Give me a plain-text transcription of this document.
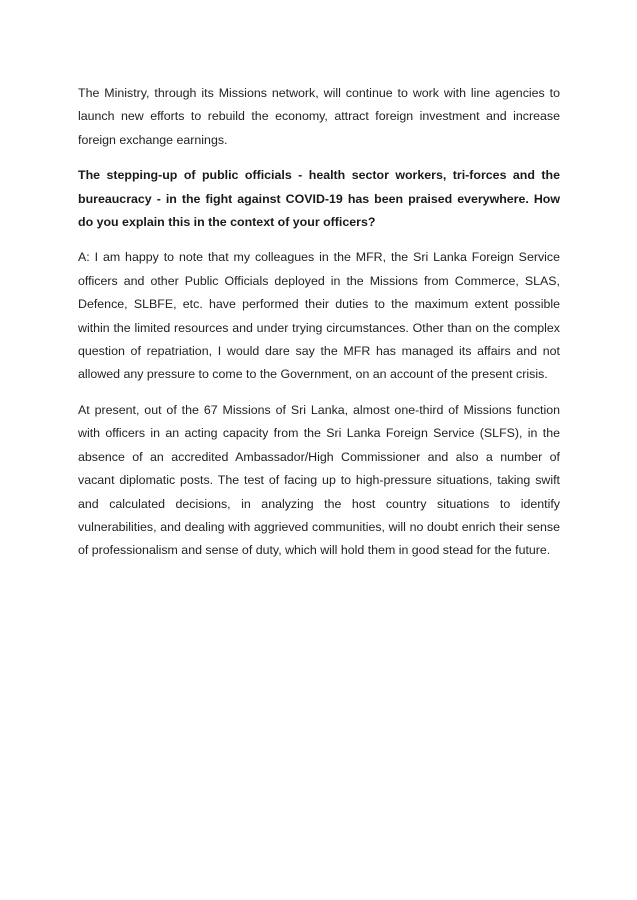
The Ministry, through its Missions network, will continue to work with line agencies to launch new efforts to rebuild the economy, attract foreign investment and increase foreign exchange earnings.

The stepping-up of public officials - health sector workers, tri-forces and the bureaucracy - in the fight against COVID-19 has been praised everywhere. How do you explain this in the context of your officers?

A: I am happy to note that my colleagues in the MFR, the Sri Lanka Foreign Service officers and other Public Officials deployed in the Missions from Commerce, SLAS, Defence, SLBFE, etc. have performed their duties to the maximum extent possible within the limited resources and under trying circumstances. Other than on the complex question of repatriation, I would dare say the MFR has managed its affairs and not allowed any pressure to come to the Government, on an account of the present crisis.

At present, out of the 67 Missions of Sri Lanka, almost one-third of Missions function with officers in an acting capacity from the Sri Lanka Foreign Service (SLFS), in the absence of an accredited Ambassador/High Commissioner and also a number of vacant diplomatic posts. The test of facing up to high-pressure situations, taking swift and calculated decisions, in analyzing the host country situations to identify vulnerabilities, and dealing with aggrieved communities, will no doubt enrich their sense of professionalism and sense of duty, which will hold them in good stead for the future.
